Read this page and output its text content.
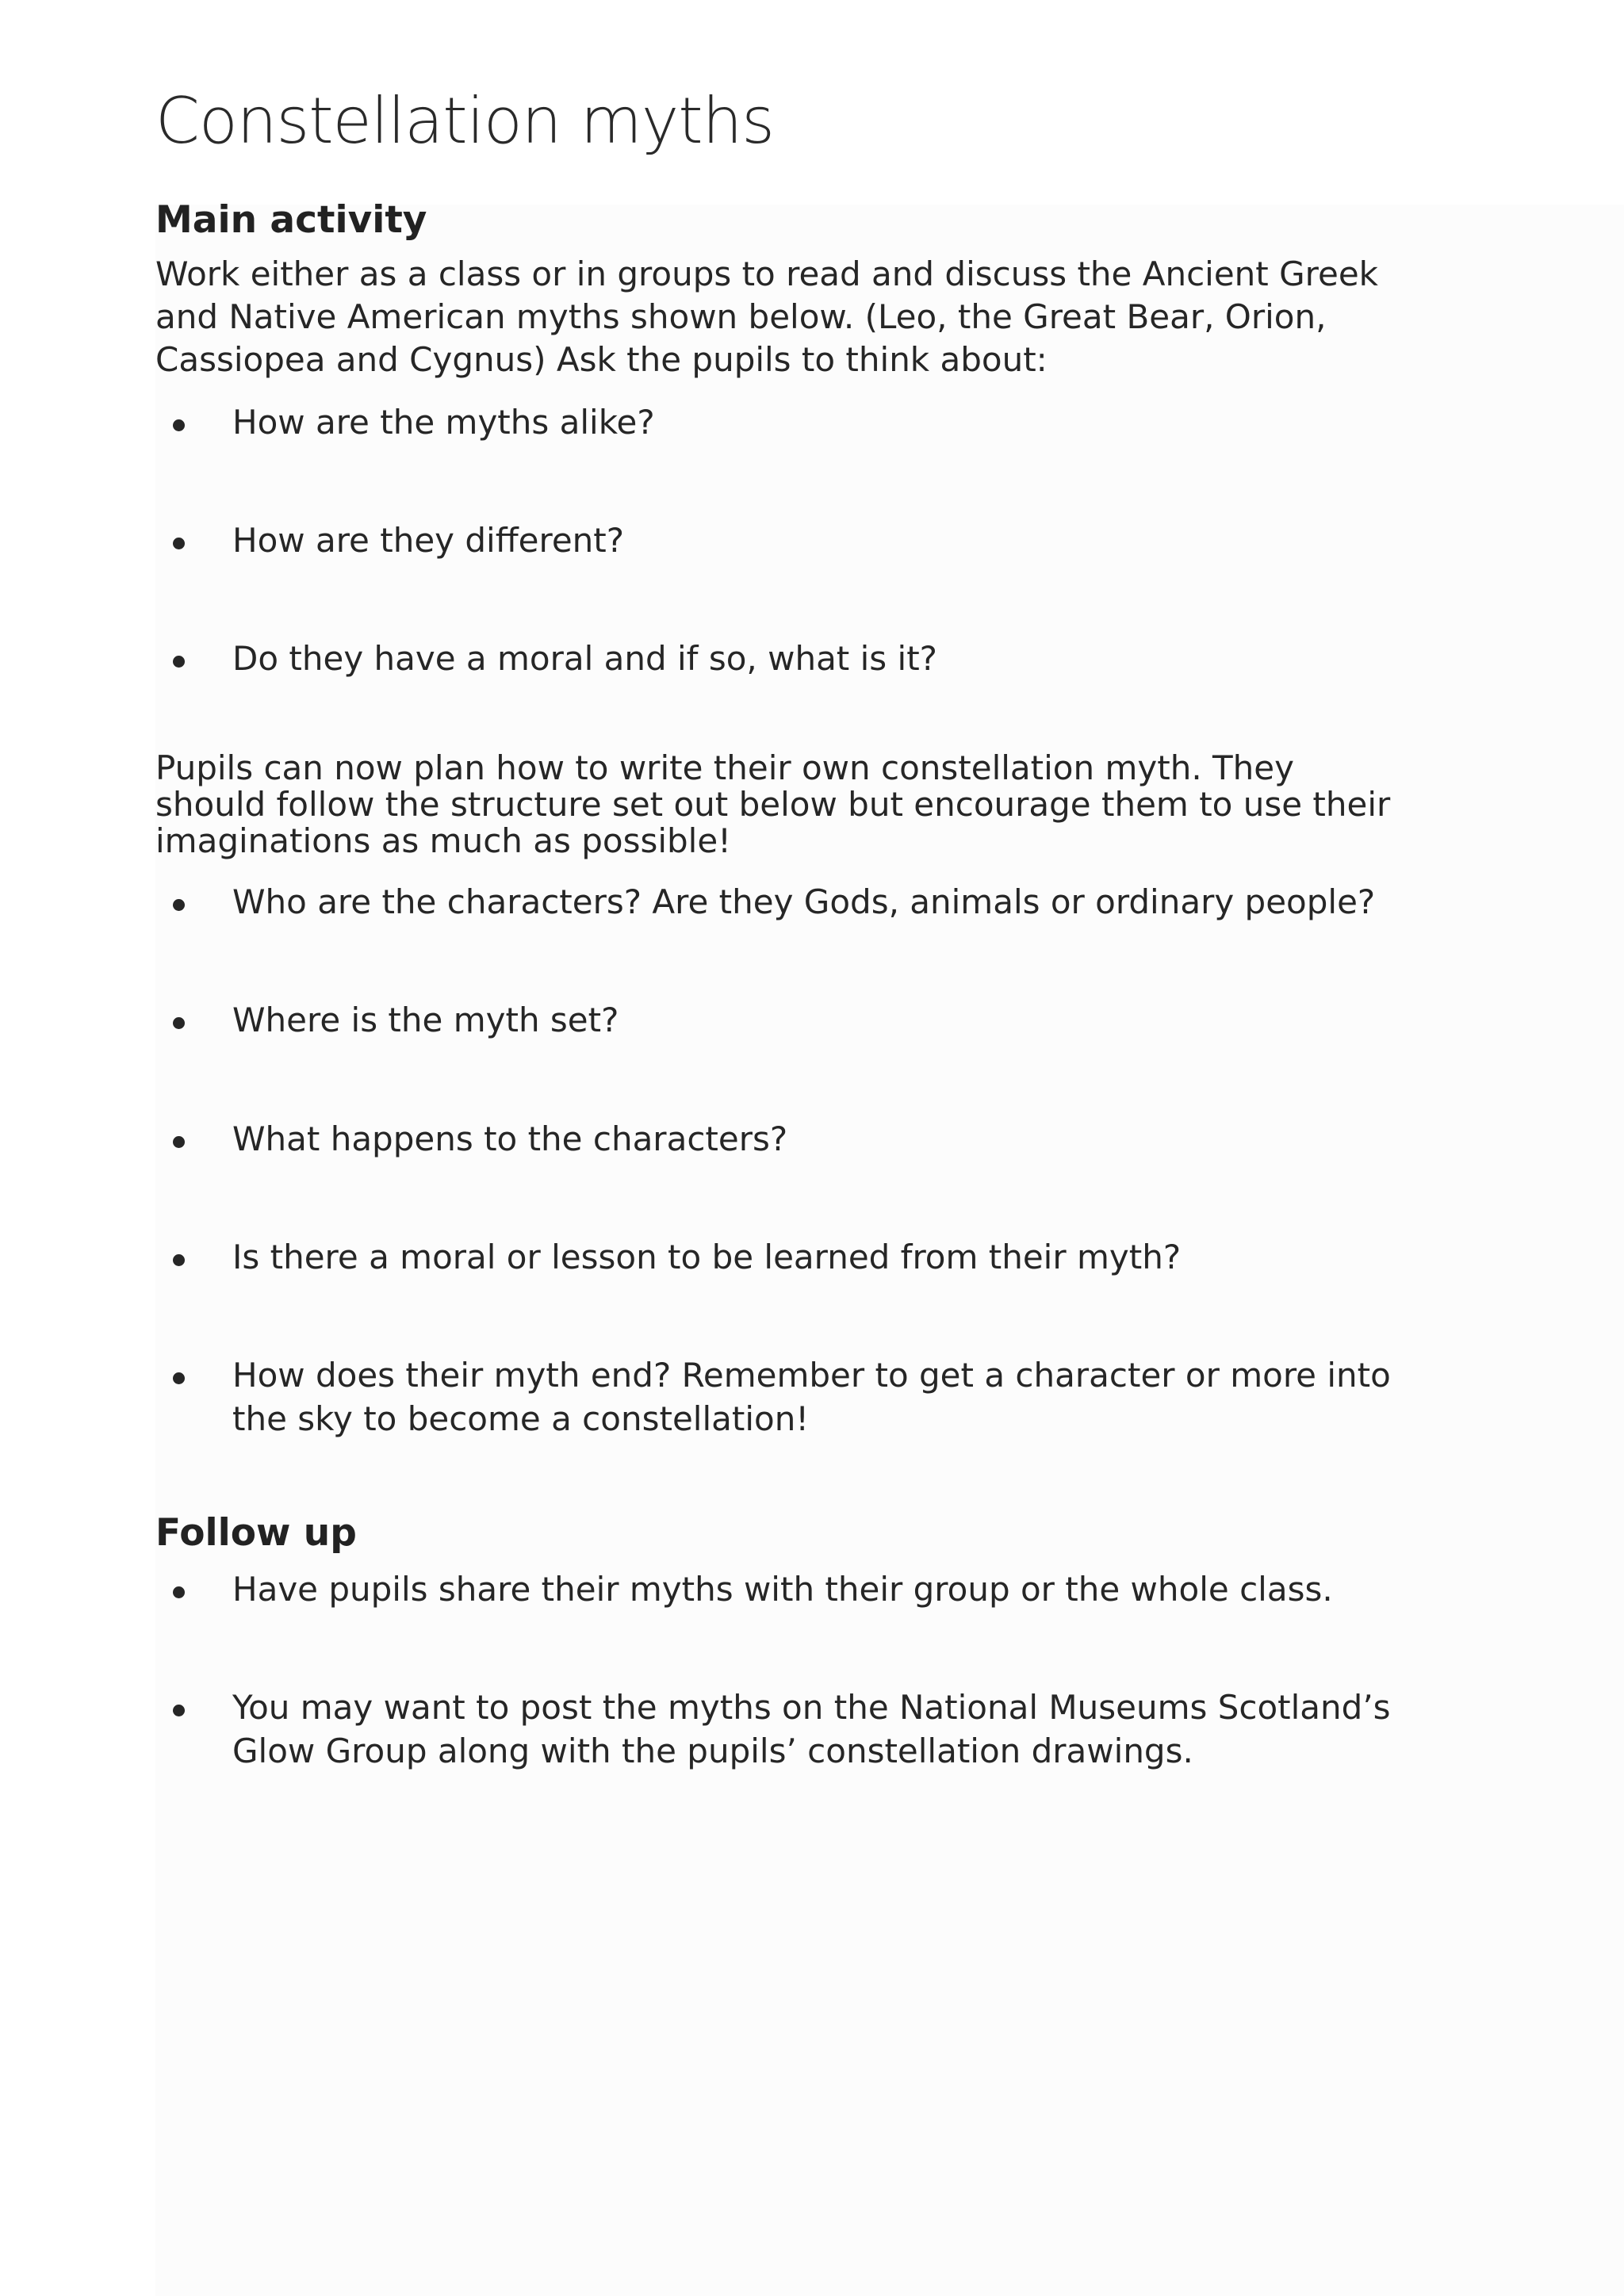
Constellation myths
Main activity

Work either as a class or in groups to read and discuss the Ancient Greek
and Native American myths shown below. (Leo, the Great Bear, Orion,
Cassiopea and Cygnus) Ask the pupils to think about:

How are the myths alike?
How are they different?
Do they have a moral and if so, what is it?

Pupils can now plan how to write their own constellation myth. They
should follow the structure set out below but encourage them to use their
imaginations as much as possible!

Who are the characters? Are they Gods, animals or ordinary people?
Where is the myth set?
What happens to the characters?
Is there a moral or lesson to be learned from their myth?
How does their myth end? Remember to get a character or more into
the sky to become a constellation!
Follow up
Have pupils share their myths with their group or the whole class.
You may want to post the myths on the National Museums Scotland’s
Glow Group along with the pupils’ constellation drawings.
